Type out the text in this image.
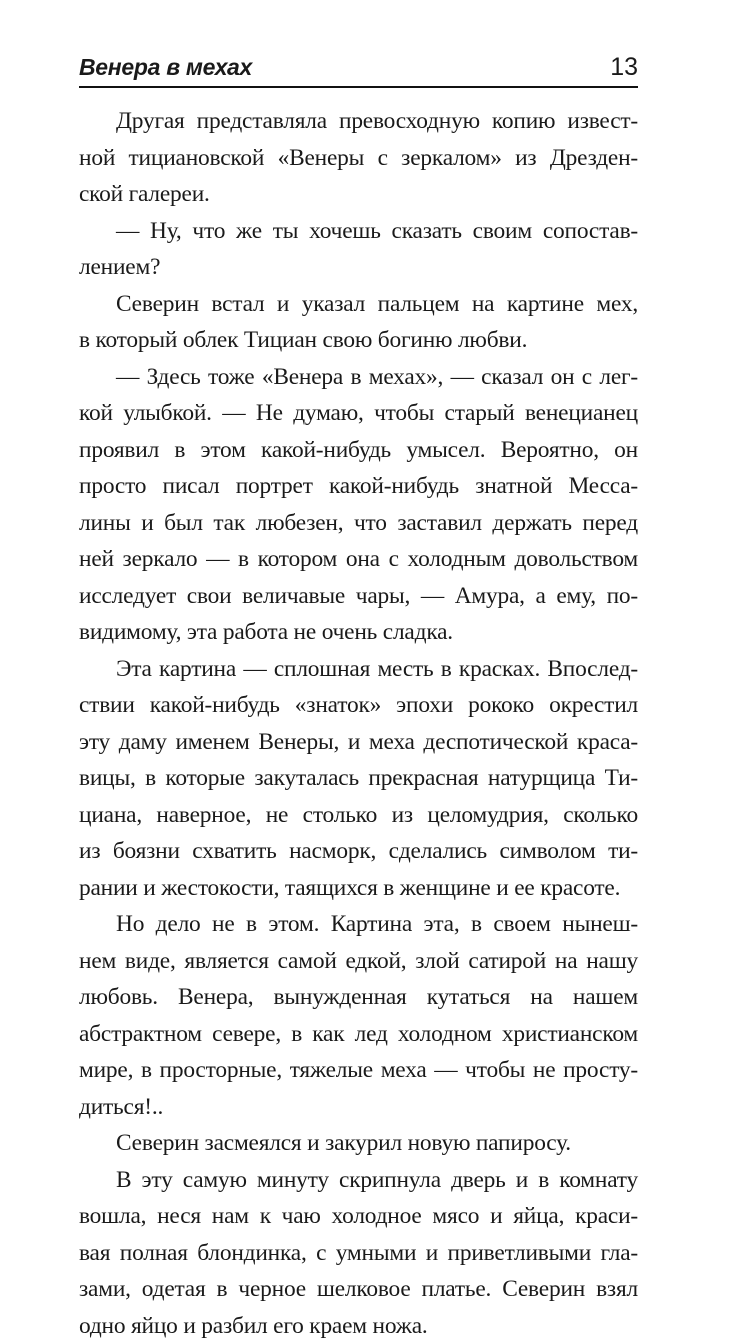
Венера в мехах	13
Другая представляла превосходную копию извест-
ной тициановской «Венеры с зеркалом» из Дрезден-
ской галереи.
— Ну, что же ты хочешь сказать своим сопостав-
лением?
Северин встал и указал пальцем на картине мех,
в который облек Тициан свою богиню любви.
— Здесь тоже «Венера в мехах», — сказал он с лег-
кой улыбкой. — Не думаю, чтобы старый венецианец
проявил в этом какой-нибудь умысел. Вероятно, он
просто писал портрет какой-нибудь знатной Месса-
лины и был так любезен, что заставил держать перед
ней зеркало — в котором она с холодным довольством
исследует свои величавые чары, — Амура, а ему, по-
видимому, эта работа не очень сладка.
Эта картина — сплошная месть в красках. Впослед-
ствии какой-нибудь «знаток» эпохи рококо окрестил
эту даму именем Венеры, и меха деспотической краса-
вицы, в которые закуталась прекрасная натурщица Ти-
циана, наверное, не столько из целомудрия, сколько
из боязни схватить насморк, сделались символом ти-
рании и жестокости, таящихся в женщине и ее красоте.
Но дело не в этом. Картина эта, в своем нынеш-
нем виде, является самой едкой, злой сатирой на нашу
любовь. Венера, вынужденная кутаться на нашем
абстрактном севере, в как лед холодном христианском
мире, в просторные, тяжелые меха — чтобы не просту-
диться!..
Северин засмеялся и закурил новую папиросу.
В эту самую минуту скрипнула дверь и в комнату
вошла, неся нам к чаю холодное мясо и яйца, краси-
вая полная блондинка, с умными и приветливыми гла-
зами, одетая в черное шелковое платье. Северин взял
одно яйцо и разбил его краем ножа.
